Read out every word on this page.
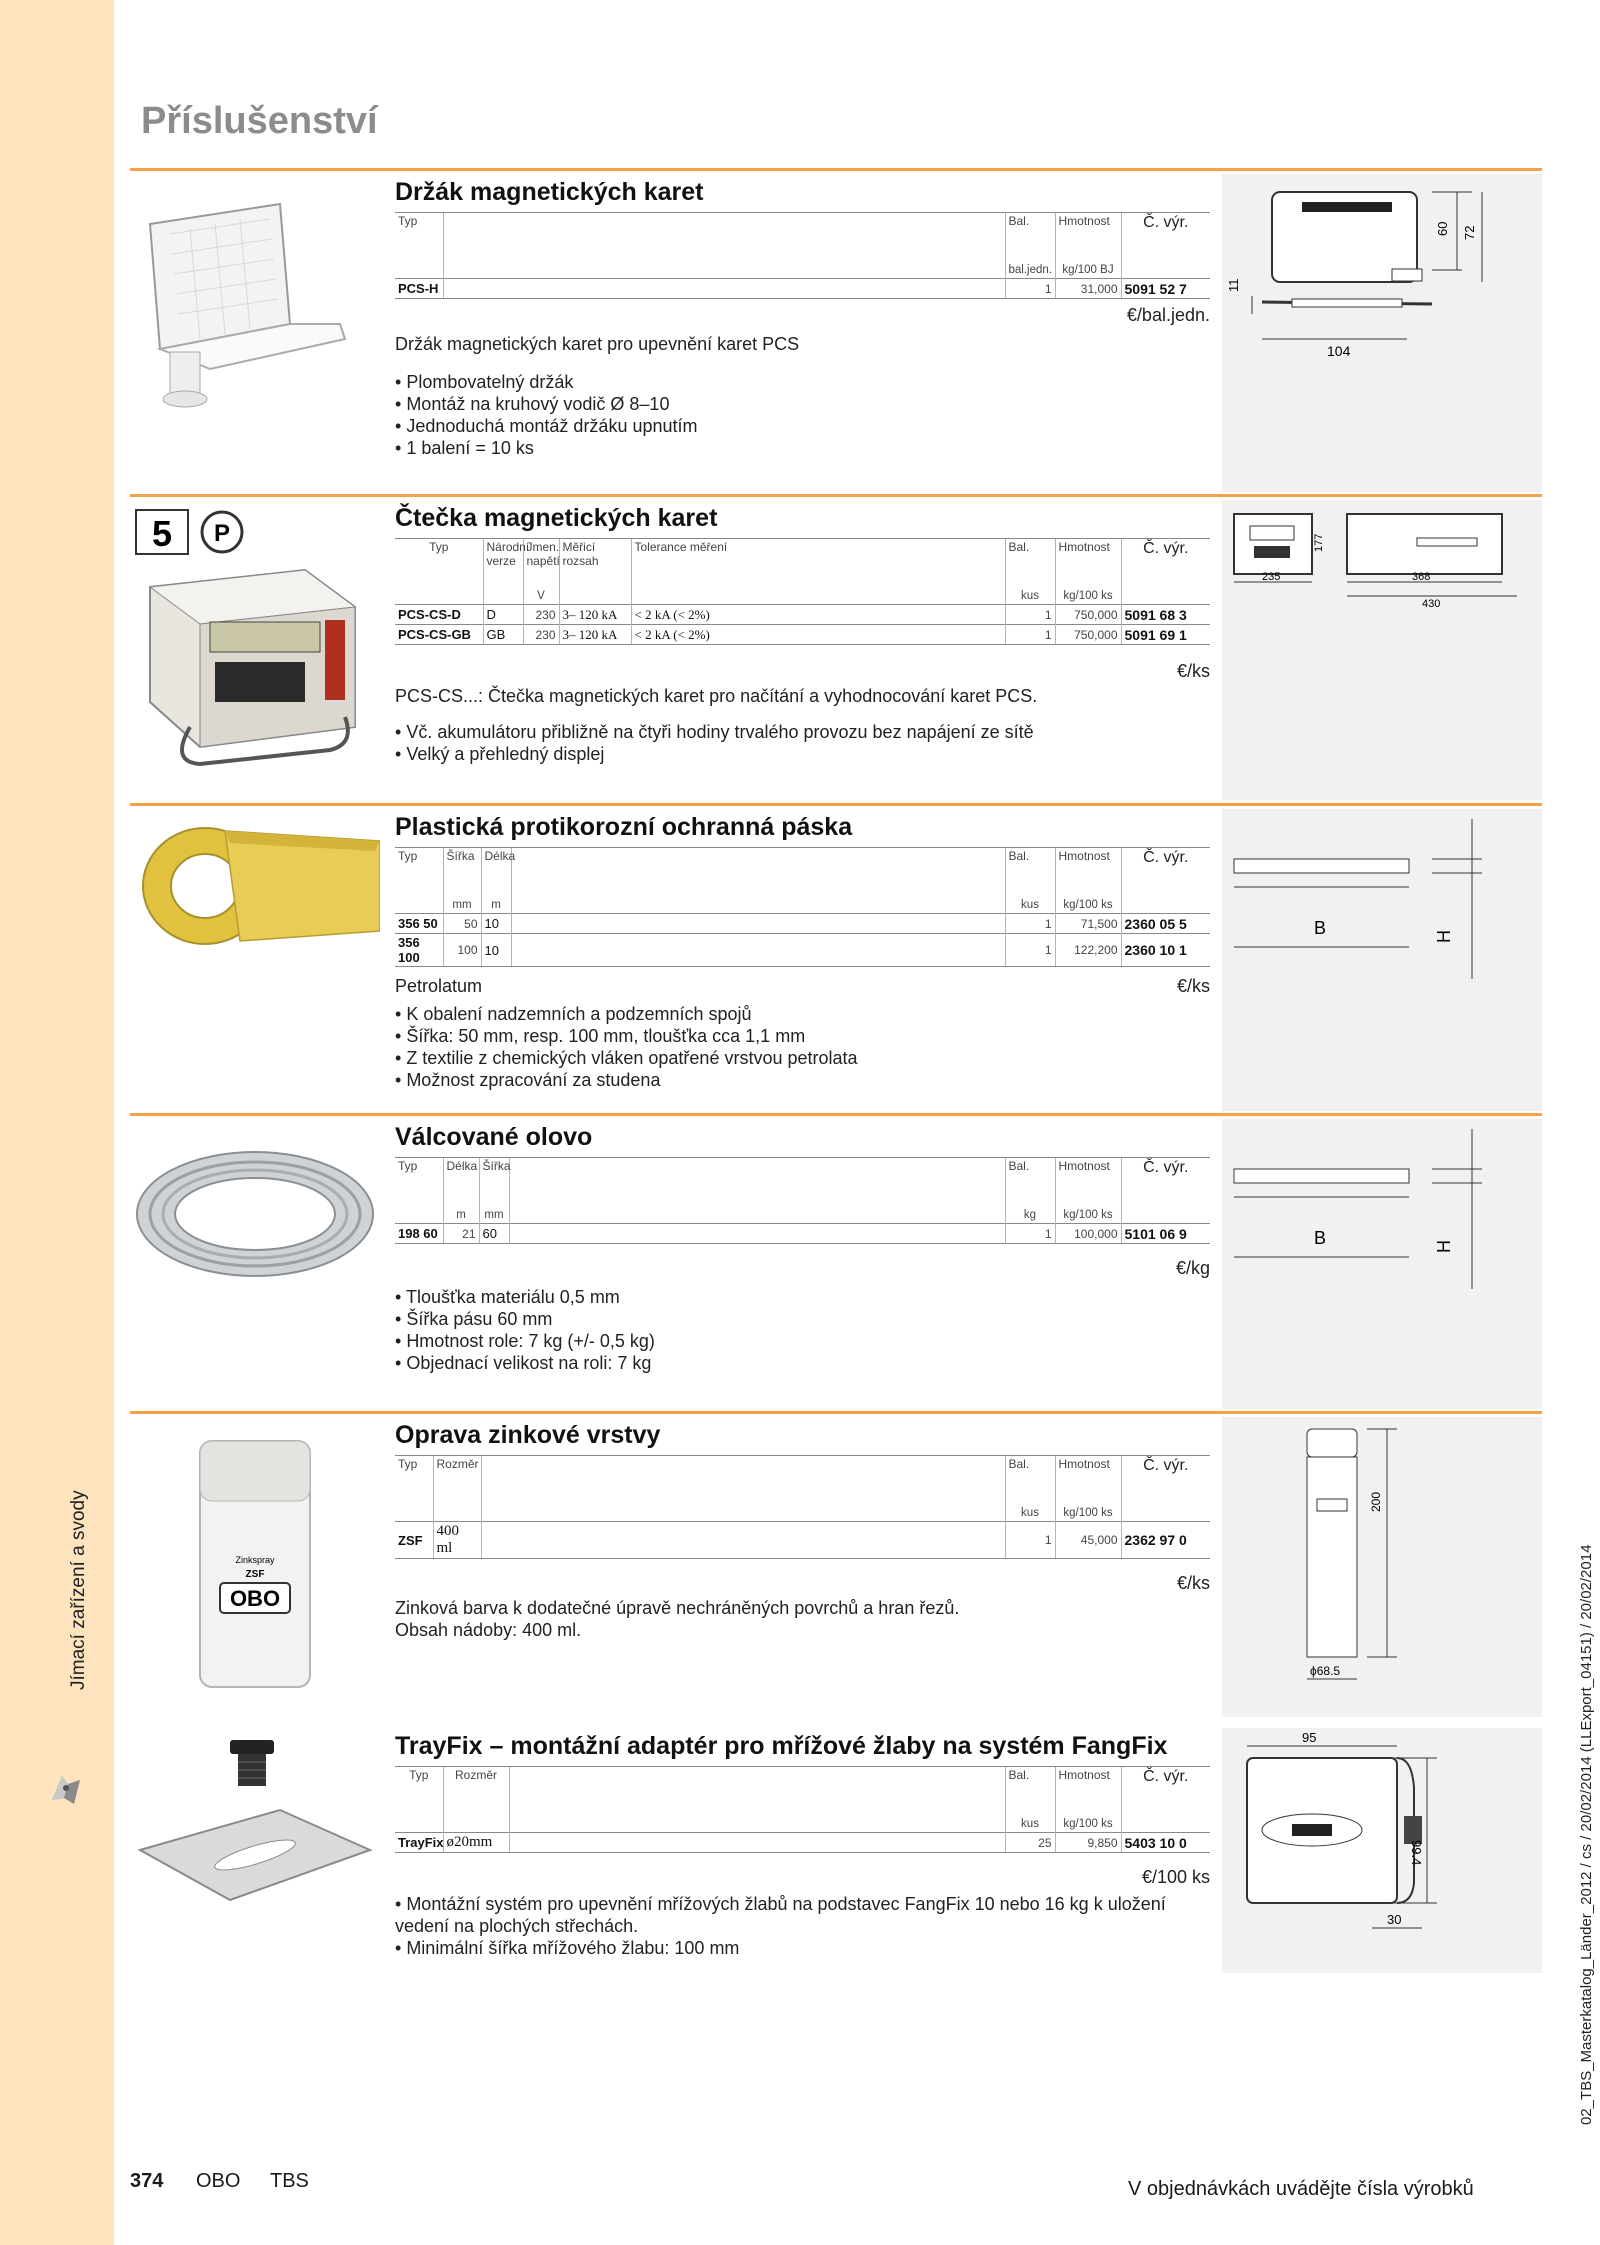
Jímací zařízení a svody	02_TBS_Masterkatalog_Länder_2012 / cs / 20/02/2014 (LLExport_04151) / 20/02/2014
Příslušenství
60 72
11
104
Držák magnetických karet
Typ		Bal.	Hmotnost	Č. výr.
		bal.jedn.	kg/100 BJ	
PCS-H		1	31,000	5091 52 7
€/bal.jedn.
Držák magnetických karet pro upevnění karet PCS
• Plombovatelný držák
• Montáž na kruhový vodič Ø 8–10
• Jednoduchá montáž držáku upnutím
• 1 balení = 10 ks
5 P
235
177
368
430
Čtečka magnetických karet
Typ	Národní verze	Jmen. napětí	Měřicí rozsah	Tolerance měření	Bal.	Hmotnost	Č. výr.
		V			kus	kg/100 ks	
PCS-CS-D	D	230	3– 120 kA	< 2 kA (< 2%)	1	750,000	5091 68 3
PCS-CS-GB	GB	230	3– 120 kA	< 2 kA (< 2%)	1	750,000	5091 69 1
€/ks
PCS-CS...: Čtečka magnetických karet pro načítání a vyhodnocování karet PCS.
• Vč. akumulátoru přibližně na čtyři hodiny trvalého provozu bez napájení ze sítě
• Velký a přehledný displej
B	H
Plastická protikorozní ochranná páska
Typ	Šířka	Délka		Bal.	Hmotnost	Č. výr.
	mm	m		kus	kg/100 ks	
356 50	50	10		1	71,500	2360 05 5
356 100	100	10		1	122,200	2360 10 1
Petrolatum	€/ks
• K obalení nadzemních a podzemních spojů
• Šířka: 50 mm, resp. 100 mm, tloušťka cca 1,1 mm
• Z textilie z chemických vláken opatřené vrstvou petrolata
• Možnost zpracování za studena
B	H
Válcované olovo
Typ	Délka	Šířka		Bal.	Hmotnost	Č. výr.
	m	mm		kg	kg/100 ks	
198 60	21	60		1	100,000	5101 06 9
€/kg
• Tloušťka materiálu 0,5 mm
• Šířka pásu 60 mm
• Hmotnost role: 7 kg (+/- 0,5 kg)
• Objednací velikost na roli: 7 kg
Zinkspray
ZSF
OBO
200
ϕ68.5
Oprava zinkové vrstvy
Typ	Rozměr		Bal.	Hmotnost	Č. výr.
			kus	kg/100 ks	
ZSF	400 ml		1	45,000	2362 97 0
€/ks
Zinková barva k dodatečné úpravě nechráněných povrchů a hran řezů.
Obsah nádoby: 400 ml.
95
99.4
30
TrayFix – montážní adaptér pro mřížové žlaby na systém FangFix
Typ	Rozměr		Bal.	Hmotnost	Č. výr.
			kus	kg/100 ks	
TrayFix	ø20mm		25	9,850	5403 10 0
€/100 ks
• Montážní systém pro upevnění mřížových žlabů na podstavec FangFix 10 nebo 16 kg k uložení vedení na plochých střechách.
• Minimální šířka mřížového žlabu: 100 mm
374 OBO TBS	V objednávkách uvádějte čísla výrobků
